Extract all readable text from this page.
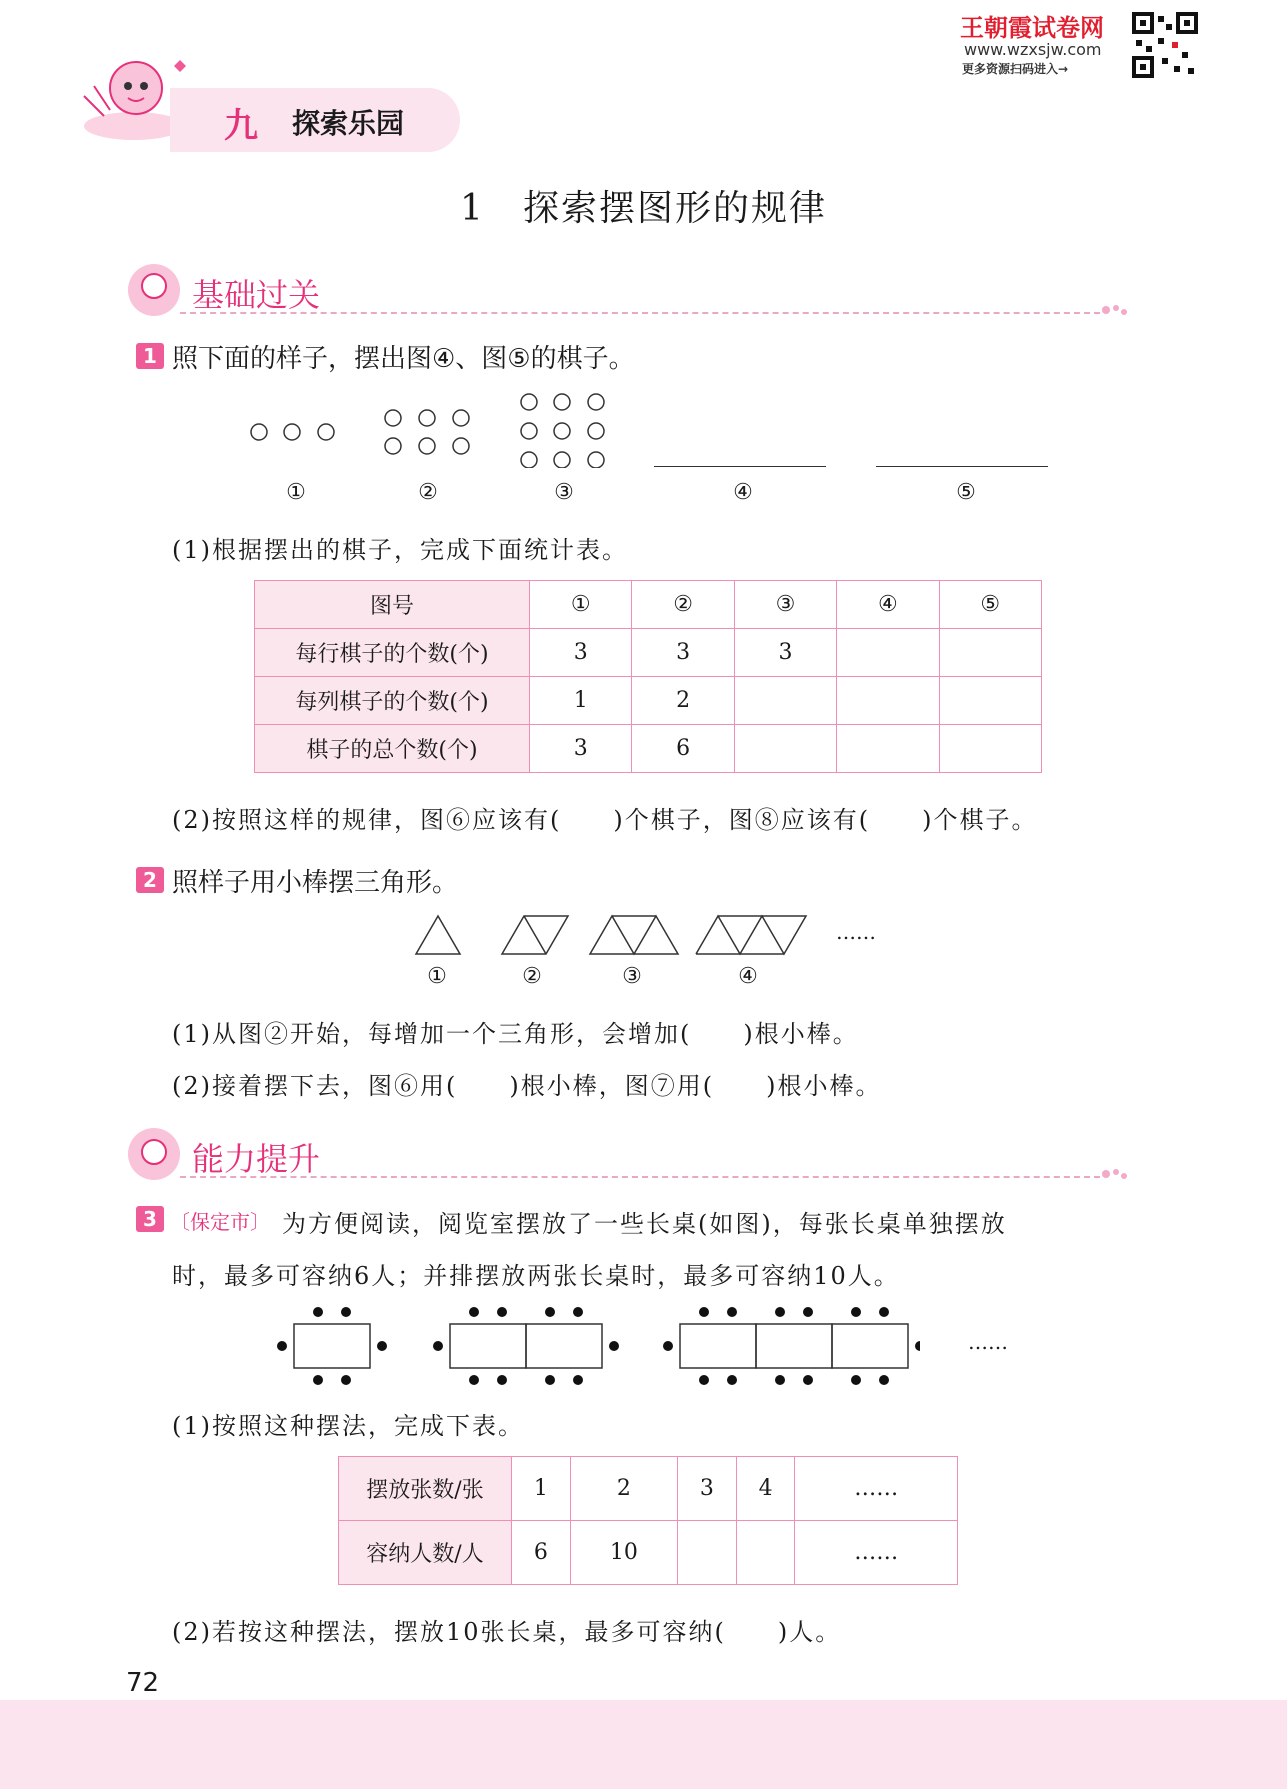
九 探索乐园
王朝霞试卷网
www.wzxsjw.com
更多资源扫码进入→
1　探索摆图形的规律
基础过关
1 照下面的样子，摆出图④、图⑤的棋子。
①	②	③	④	⑤
(1)根据摆出的棋子，完成下面统计表。
图号	①	②	③	④	⑤
每行棋子的个数(个)	3	3	3		
每列棋子的个数(个)	1	2			
棋子的总个数(个)	3	6			
(2)按照这样的规律，图⑥应该有(　　)个棋子，图⑧应该有(　　)个棋子。
2 照样子用小棒摆三角形。
……
①	②	③	④
(1)从图②开始，每增加一个三角形，会增加(　　)根小棒。
(2)接着摆下去，图⑥用(　　)根小棒，图⑦用(　　)根小棒。
能力提升
3 〔保定市〕 为方便阅读，阅览室摆放了一些长桌(如图)，每张长桌单独摆放
时，最多可容纳6人；并排摆放两张长桌时，最多可容纳10人。
……
(1)按照这种摆法，完成下表。
摆放张数/张	1	2	3	4	……
容纳人数/人	6	10			……
(2)若按这种摆法，摆放10张长桌，最多可容纳(　　)人。
72
